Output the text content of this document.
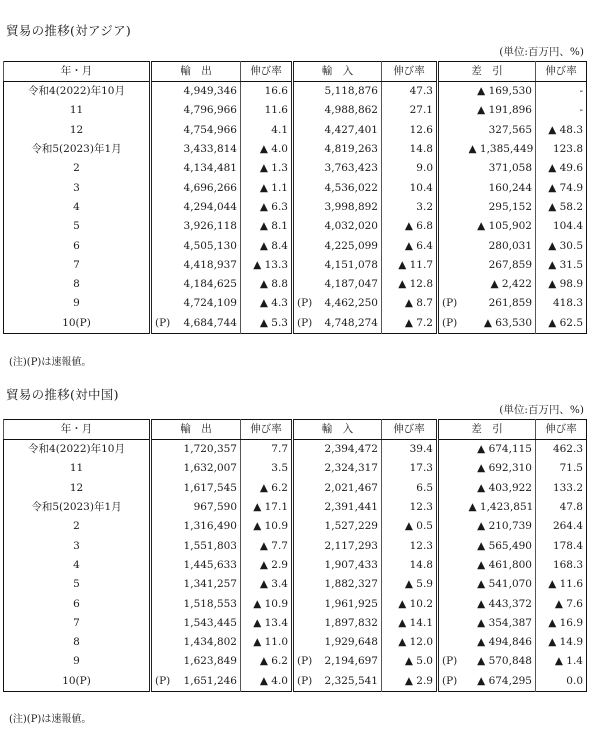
貿易の推移(対アジア)
(単位:百万円、%)
年・月	輸　出		伸び率	輸　入		伸び率	差　引		伸び率
令和4(2022)年10月		4,949,346	16.6		5,118,876	47.3		▲ 169,530	-
11		4,796,966	11.6		4,988,862	27.1		▲ 191,896	-
12		4,754,966	4.1		4,427,401	12.6		327,565	▲ 48.3
令和5(2023)年1月		3,433,814	▲ 4.0		4,819,263	14.8		▲ 1,385,449	123.8
2		4,134,481	▲ 1.3		3,763,423	9.0		371,058	▲ 49.6
3		4,696,266	▲ 1.1		4,536,022	10.4		160,244	▲ 74.9
4		4,294,044	▲ 6.3		3,998,892	3.2		295,152	▲ 58.2
5		3,926,118	▲ 8.1		4,032,020	▲ 6.8		▲ 105,902	104.4
6		4,505,130	▲ 8.4		4,225,099	▲ 6.4		280,031	▲ 30.5
7		4,418,937	▲ 13.3		4,151,078	▲ 11.7		267,859	▲ 31.5
8		4,184,625	▲ 8.8		4,187,047	▲ 12.8		▲ 2,422	▲ 98.9
9		4,724,109	▲ 4.3	(P)	4,462,250	▲ 8.7	(P)	261,859	418.3
10(P)	(P)	4,684,744	▲ 5.3	(P)	4,748,274	▲ 7.2	(P)	▲ 63,530	▲ 62.5
(注)(P)は速報値。
貿易の推移(対中国)
(単位:百万円、%)
年・月	輸　出		伸び率	輸　入		伸び率	差　引		伸び率
令和4(2022)年10月		1,720,357	7.7		2,394,472	39.4		▲ 674,115	462.3
11		1,632,007	3.5		2,324,317	17.3		▲ 692,310	71.5
12		1,617,545	▲ 6.2		2,021,467	6.5		▲ 403,922	133.2
令和5(2023)年1月		967,590	▲ 17.1		2,391,441	12.3		▲ 1,423,851	47.8
2		1,316,490	▲ 10.9		1,527,229	▲ 0.5		▲ 210,739	264.4
3		1,551,803	▲ 7.7		2,117,293	12.3		▲ 565,490	178.4
4		1,445,633	▲ 2.9		1,907,433	14.8		▲ 461,800	168.3
5		1,341,257	▲ 3.4		1,882,327	▲ 5.9		▲ 541,070	▲ 11.6
6		1,518,553	▲ 10.9		1,961,925	▲ 10.2		▲ 443,372	▲ 7.6
7		1,543,445	▲ 13.4		1,897,832	▲ 14.1		▲ 354,387	▲ 16.9
8		1,434,802	▲ 11.0		1,929,648	▲ 12.0		▲ 494,846	▲ 14.9
9		1,623,849	▲ 6.2	(P)	2,194,697	▲ 5.0	(P)	▲ 570,848	▲ 1.4
10(P)	(P)	1,651,246	▲ 4.0	(P)	2,325,541	▲ 2.9	(P)	▲ 674,295	0.0
(注)(P)は速報値。
